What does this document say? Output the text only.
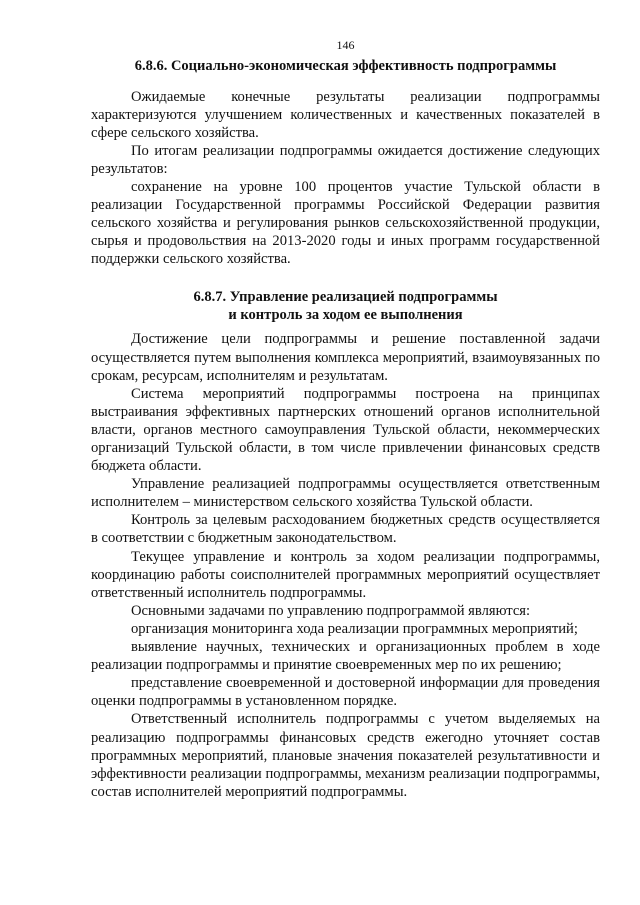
146
6.8.6. Социально-экономическая эффективность подпрограммы

Ожидаемые конечные результаты реализации подпрограммы характеризуются улучшением количественных и качественных показателей в сфере сельского хозяйства.

По итогам реализации подпрограммы ожидается достижение следующих результатов:

сохранение на уровне 100 процентов участие Тульской области в реализации Государственной программы Российской Федерации развития сельского хозяйства и регулирования рынков сельскохозяйственной продукции, сырья и продовольствия на 2013-2020 годы и иных программ государственной поддержки сельского хозяйства.

6.8.7. Управление реализацией подпрограммы
и контроль за ходом ее выполнения

Достижение цели подпрограммы и решение поставленной задачи осуществляется путем выполнения комплекса мероприятий, взаимоувязанных по срокам, ресурсам, исполнителям и результатам.

Система мероприятий подпрограммы построена на принципах выстраивания эффективных партнерских отношений органов исполнительной власти, органов местного самоуправления Тульской области, некоммерческих организаций Тульской области, в том числе привлечении финансовых средств бюджета области.

Управление реализацией подпрограммы осуществляется ответственным исполнителем – министерством сельского хозяйства Тульской области.

Контроль за целевым расходованием бюджетных средств осуществляется в соответствии с бюджетным законодательством.

Текущее управление и контроль за ходом реализации подпрограммы, координацию работы соисполнителей программных мероприятий осуществляет ответственный исполнитель подпрограммы.

Основными задачами по управлению подпрограммой являются:

организация мониторинга хода реализации программных мероприятий;

выявление научных, технических и организационных проблем в ходе реализации подпрограммы и принятие своевременных мер по их решению;

представление своевременной и достоверной информации для проведения оценки подпрограммы в установленном порядке.

Ответственный исполнитель подпрограммы с учетом выделяемых на реализацию подпрограммы финансовых средств ежегодно уточняет состав программных мероприятий, плановые значения показателей результативности и эффективности реализации подпрограммы, механизм реализации подпрограммы, состав исполнителей мероприятий подпрограммы.
